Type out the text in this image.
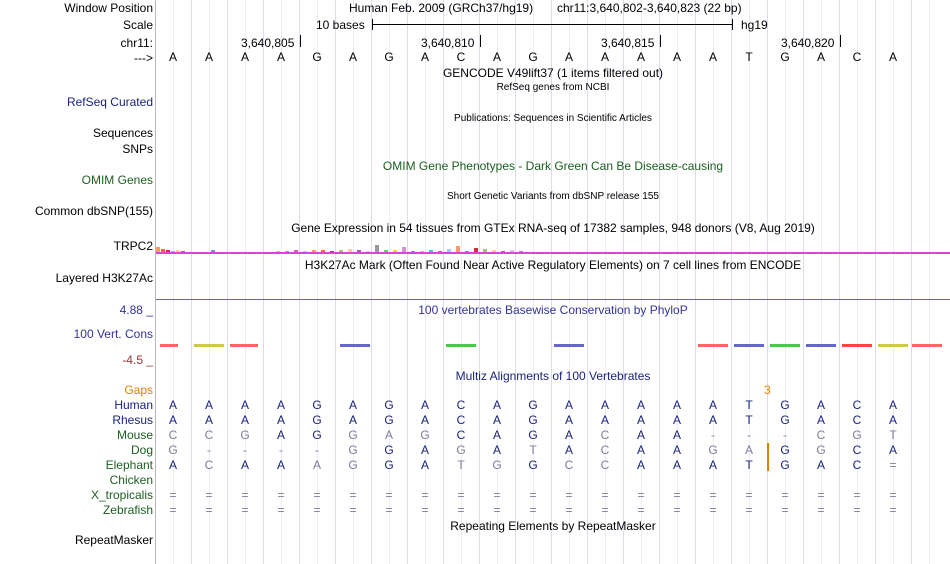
Window Position	Human Feb. 2009 (GRCh37/hg19) chr11:3,640,802-3,640,823 (22 bp)
Scale	10 bases	hg19
chr11:	3,640,805	3,640,810	3,640,815	3,640,820
---> A A A A G A G A C A G A A A A A T G A C A
GENCODE V49lift37 (1 items filtered out)
RefSeq genes from NCBI
RefSeq Curated
Publications: Sequences in Scientific Articles
Sequences
SNPs
OMIM Gene Phenotypes - Dark Green Can Be Disease-causing
OMIM Genes
Short Genetic Variants from dbSNP release 155
Common dbSNP(155)
Gene Expression in 54 tissues from GTEx RNA-seq of 17382 samples, 948 donors (V8, Aug 2019)
TRPC2
H3K27Ac Mark (Often Found Near Active Regulatory Elements) on 7 cell lines from ENCODE
Layered H3K27Ac
4.88 _	100 vertebrates Basewise Conservation by PhyloP
100 Vert. Cons
-4.5 _
Multiz Alignments of 100 Vertebrates
Gaps	3
Human A A A A G A G A C A G A A A A A T G A C A
Rhesus A A A A G A G A C A G A A A A A T G A C A
Mouse C C G A G G A G C A G A C A A	-	-	-	C G T
Dog G	-	-	-	-	G G A G A T A C A A G A G G C A
Elephant A C A A A G G A T G G C C A A A T G A C =
Chicken
X_tropicalis = = = = = = = = = = = = = = = = = = = = =
Zebrafish = = = = = = = = = = = = = = = = = = = = =
Repeating Elements by RepeatMasker
RepeatMasker
